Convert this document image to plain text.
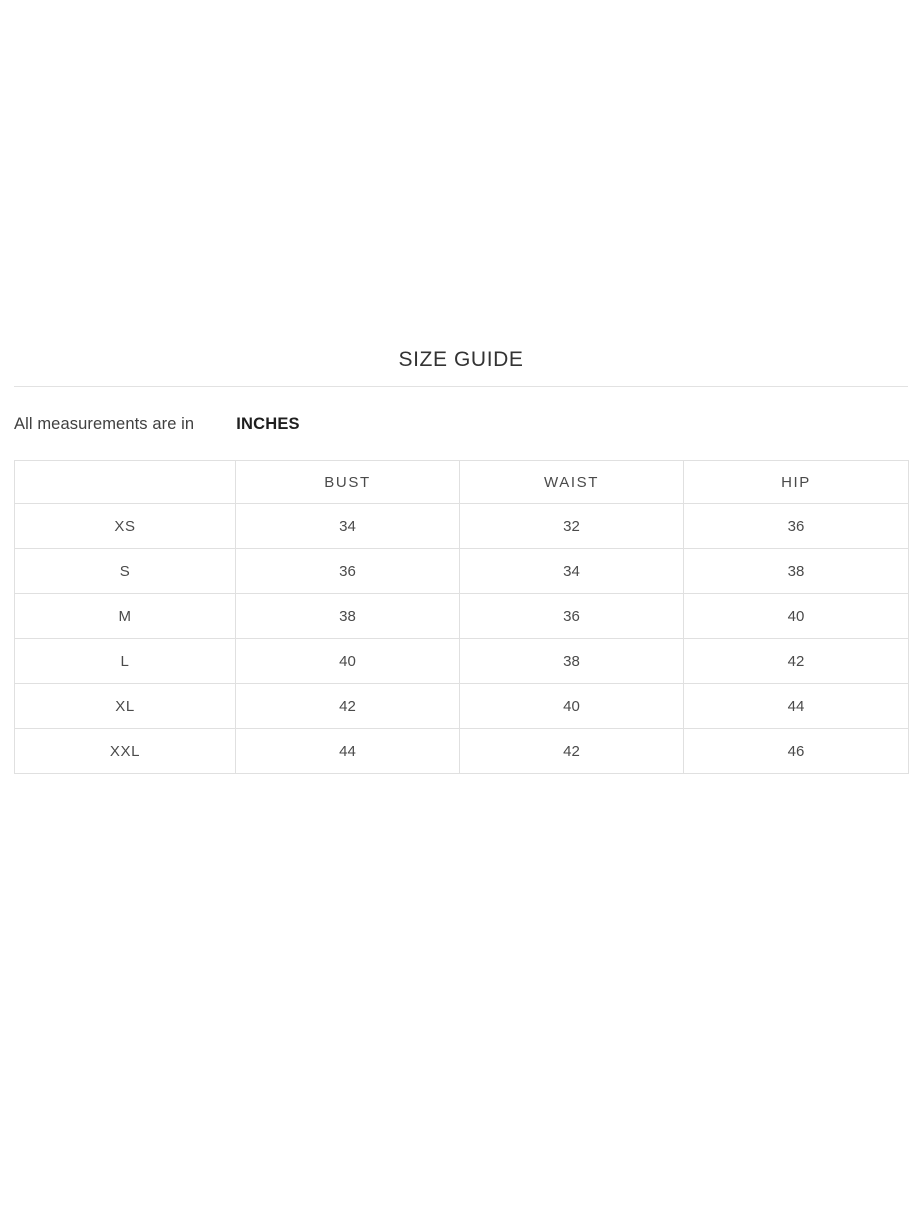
SIZE GUIDE
All measurements are in	INCHES
	BUST	WAIST	HIP
XS	34	32	36
S	36	34	38
M	38	36	40
L	40	38	42
XL	42	40	44
XXL	44	42	46
